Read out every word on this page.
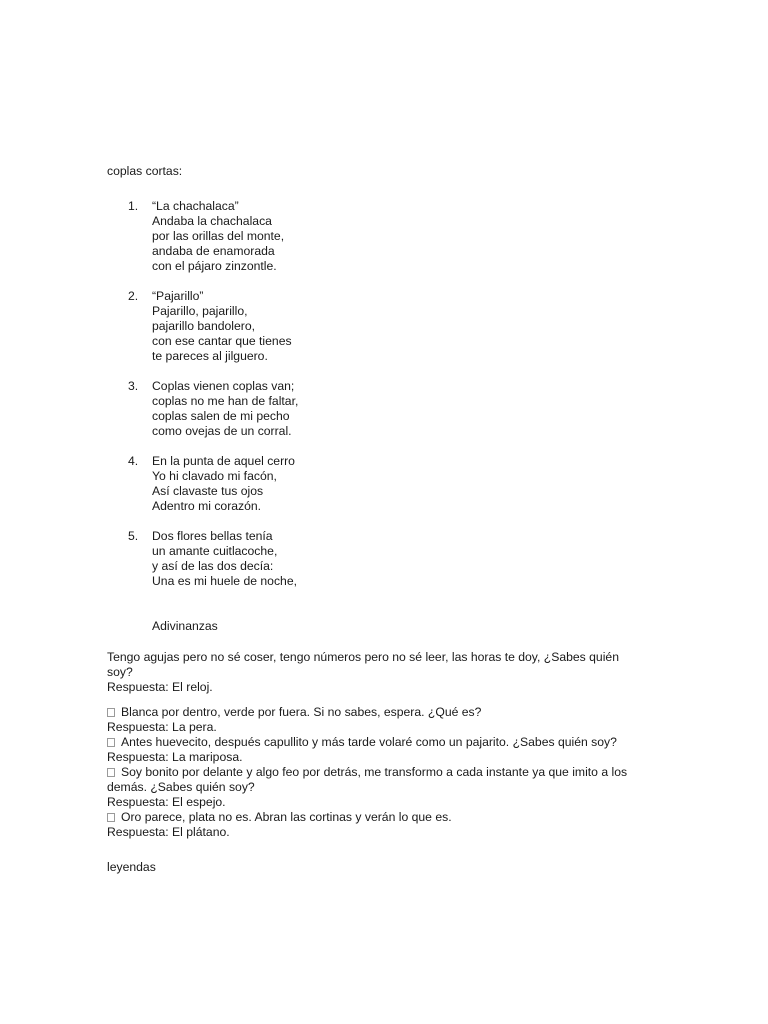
coplas cortas:
1. “La chachalaca”
Andaba la chachalaca
por las orillas del monte,
andaba de enamorada
con el pájaro zinzontle.
2. “Pajarillo”
Pajarillo, pajarillo,
pajarillo bandolero,
con ese cantar que tienes
te pareces al jilguero.
3. Coplas vienen coplas van;
coplas no me han de faltar,
coplas salen de mi pecho
como ovejas de un corral.
4. En la punta de aquel cerro
Yo hi clavado mi facón,
Así clavaste tus ojos
Adentro mi corazón.
5. Dos flores bellas tenía
un amante cuitlacoche,
y así de las dos decía:
Una es mi huele de noche,
Adivinanzas
Tengo agujas pero no sé coser, tengo números pero no sé leer, las horas te doy, ¿Sabes quién soy?
Respuesta: El reloj.
Blanca por dentro, verde por fuera. Si no sabes, espera. ¿Qué es?
Respuesta: La pera.
Antes huevecito, después capullito y más tarde volaré como un pajarito. ¿Sabes quién soy?
Respuesta: La mariposa.
Soy bonito por delante y algo feo por detrás, me transformo a cada instante ya que imito a los demás. ¿Sabes quién soy?
Respuesta: El espejo.
Oro parece, plata no es. Abran las cortinas y verán lo que es.
Respuesta: El plátano.
leyendas
